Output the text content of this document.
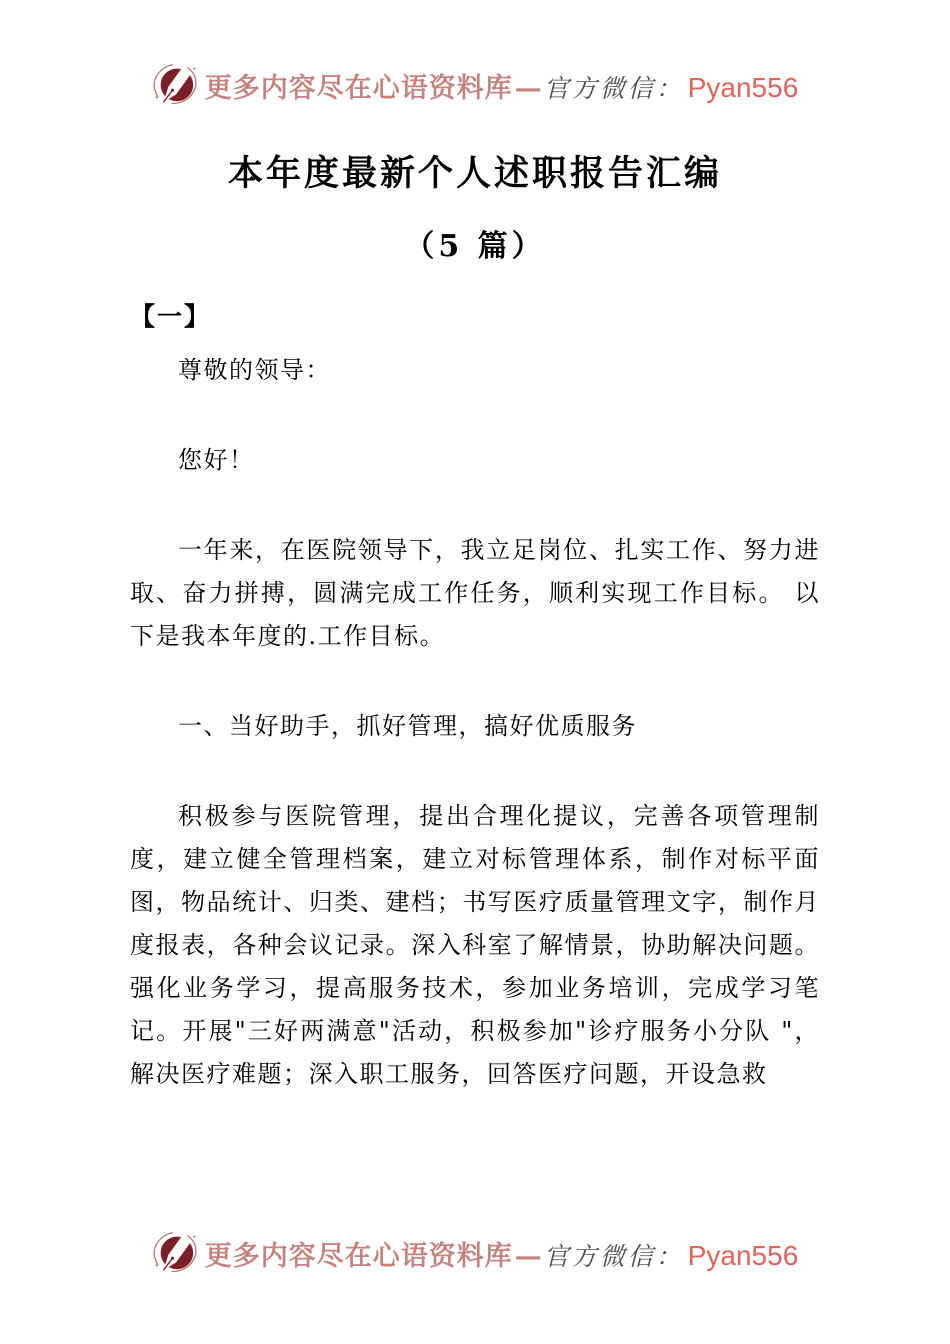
更多内容尽在心语资料库 — 官方微信： Pyan556
本年度最新个人述职报告汇编
（5 篇）
【一】

尊敬的领导：

您好！

一年来，在医院领导下，我立足岗位、扎实工作、努力进取、奋力拼搏，圆满完成工作任务，顺利实现工作目标。 以下是我本年度的.工作目标。

一、当好助手，抓好管理，搞好优质服务

积极参与医院管理，提出合理化提议，完善各项管理制度，建立健全管理档案，建立对标管理体系，制作对标平面图，物品统计、归类、建档；书写医疗质量管理文字，制作月度报表，各种会议记录。深入科室了解情景，协助解决问题。强化业务学习，提高服务技术，参加业务培训，完成学习笔记。开展"三好两满意"活动，积极参加"诊疗服务小分队 "，解决医疗难题；深入职工服务，回答医疗问题，开设急救

更多内容尽在心语资料库 — 官方微信： Pyan556
